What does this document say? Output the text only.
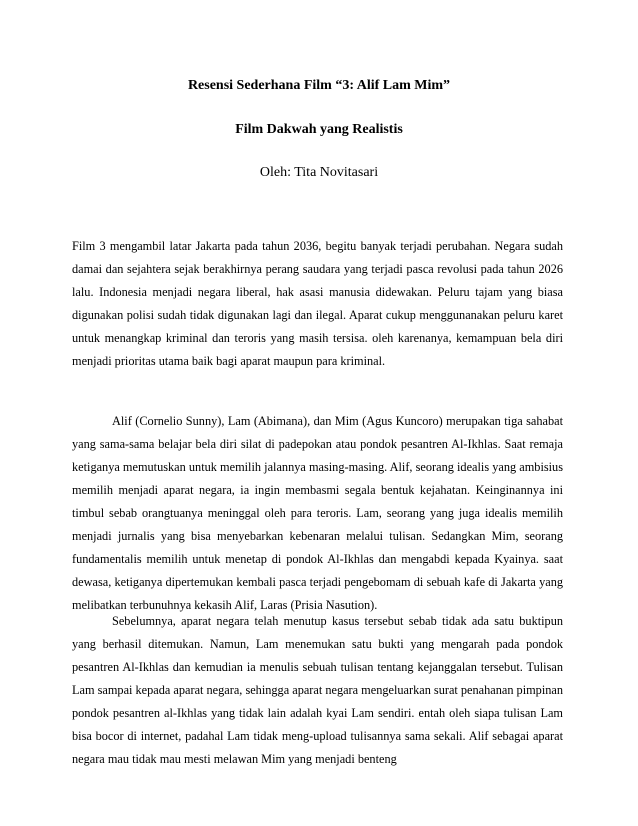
Resensi Sederhana Film “3: Alif Lam Mim”
Film Dakwah yang Realistis
Oleh: Tita Novitasari

Film 3 mengambil latar Jakarta pada tahun 2036, begitu banyak terjadi perubahan. Negara sudah damai dan sejahtera sejak berakhirnya perang saudara yang terjadi pasca revolusi pada tahun 2026 lalu. Indonesia menjadi negara liberal, hak asasi manusia didewakan. Peluru tajam yang biasa digunakan polisi sudah tidak digunakan lagi dan ilegal. Aparat cukup menggunanakan peluru karet untuk menangkap kriminal dan teroris yang masih tersisa. oleh karenanya, kemampuan bela diri menjadi prioritas utama baik bagi aparat maupun para kriminal.

Alif (Cornelio Sunny), Lam (Abimana), dan Mim (Agus Kuncoro) merupakan tiga sahabat yang sama-sama belajar bela diri silat di padepokan atau pondok pesantren Al-Ikhlas. Saat remaja ketiganya memutuskan untuk memilih jalannya masing-masing. Alif, seorang idealis yang ambisius memilih menjadi aparat negara, ia ingin membasmi segala bentuk kejahatan. Keinginannya ini timbul sebab orangtuanya meninggal oleh para teroris. Lam, seorang yang juga idealis memilih menjadi jurnalis yang bisa menyebarkan kebenaran melalui tulisan. Sedangkan Mim, seorang fundamentalis memilih untuk menetap di pondok Al-Ikhlas dan mengabdi kepada Kyainya. saat dewasa, ketiganya dipertemukan kembali pasca terjadi pengebomam di sebuah kafe di Jakarta yang melibatkan terbunuhnya kekasih Alif, Laras (Prisia Nasution).

Sebelumnya, aparat negara telah menutup kasus tersebut sebab tidak ada satu buktipun yang berhasil ditemukan. Namun, Lam menemukan satu bukti yang mengarah pada pondok pesantren Al-Ikhlas dan kemudian ia menulis sebuah tulisan tentang kejanggalan tersebut. Tulisan Lam sampai kepada aparat negara, sehingga aparat negara mengeluarkan surat penahanan pimpinan pondok pesantren al-Ikhlas yang tidak lain adalah kyai Lam sendiri. entah oleh siapa tulisan Lam bisa bocor di internet, padahal Lam tidak meng-upload tulisannya sama sekali. Alif sebagai aparat negara mau tidak mau mesti melawan Mim yang menjadi benteng
